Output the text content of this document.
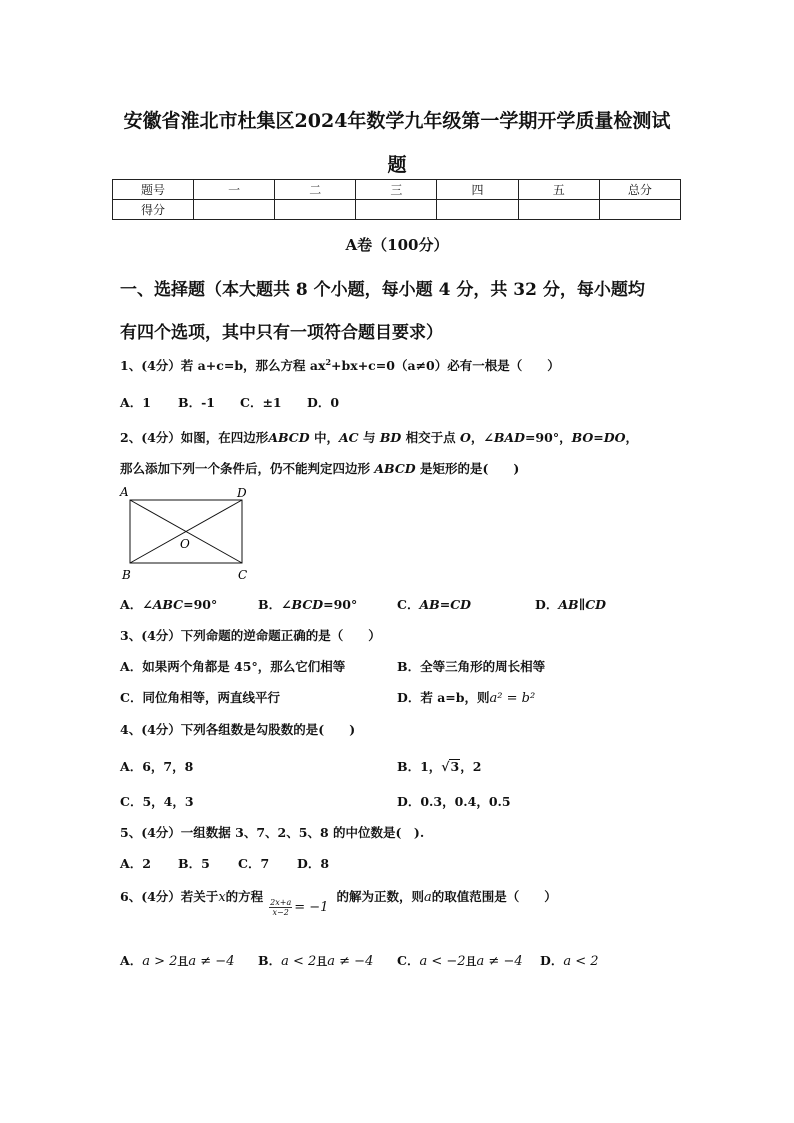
安徽省淮北市杜集区2024年数学九年级第一学期开学质量检测试
题
题号	一	二	三	四	五	总分
得分						
A卷（100分）
一、选择题（本大题共 8 个小题，每小题 4 分，共 32 分，每小题均
有四个选项，其中只有一项符合题目要求）
1、(4分）若 a+c=b，那么方程 $ax^2+bx+c=0(a\ne 0)$必有一根是（　　）
A．1 B．-1 C．±1 D．0
2、(4分）如图，在四边形ABCD 中，AC 与 BD 相交于点 O，∠BAD=90°，BO=DO，
那么添加下列一个条件后，仍不能判定四边形 ABCD 是矩形的是(　　)
A	D
B	C
O
A．∠ABC=90°	B．∠BCD=90°	C．AB=CD	D．AB∥CD
3、(4分）下列命题的逆命题正确的是（　　）
A．如果两个角都是 45°，那么它们相等	B．全等三角形的周长相等
C．同位角相等，两直线平行	D．若 a=b，则a² = b²
4、(4分）下列各组数是勾股数的是(　　)
A．6，7，8	B．1，√3，2
C．5，4，3	D．0.3，0.4，0.5
5、(4分）一组数据 3、7、2、5、8 的中位数是(　).
A．2 B．5 C．7 D．8
6、(4分）若关于x的方程
$\frac{2x+a}{x-2} = -1$的解为正数，则a的取值范围是（　　）
A．a > 2且a ≠ −4 B．a < 2且a ≠ −4 C．a < −2且a ≠ −4 D．a < 2
